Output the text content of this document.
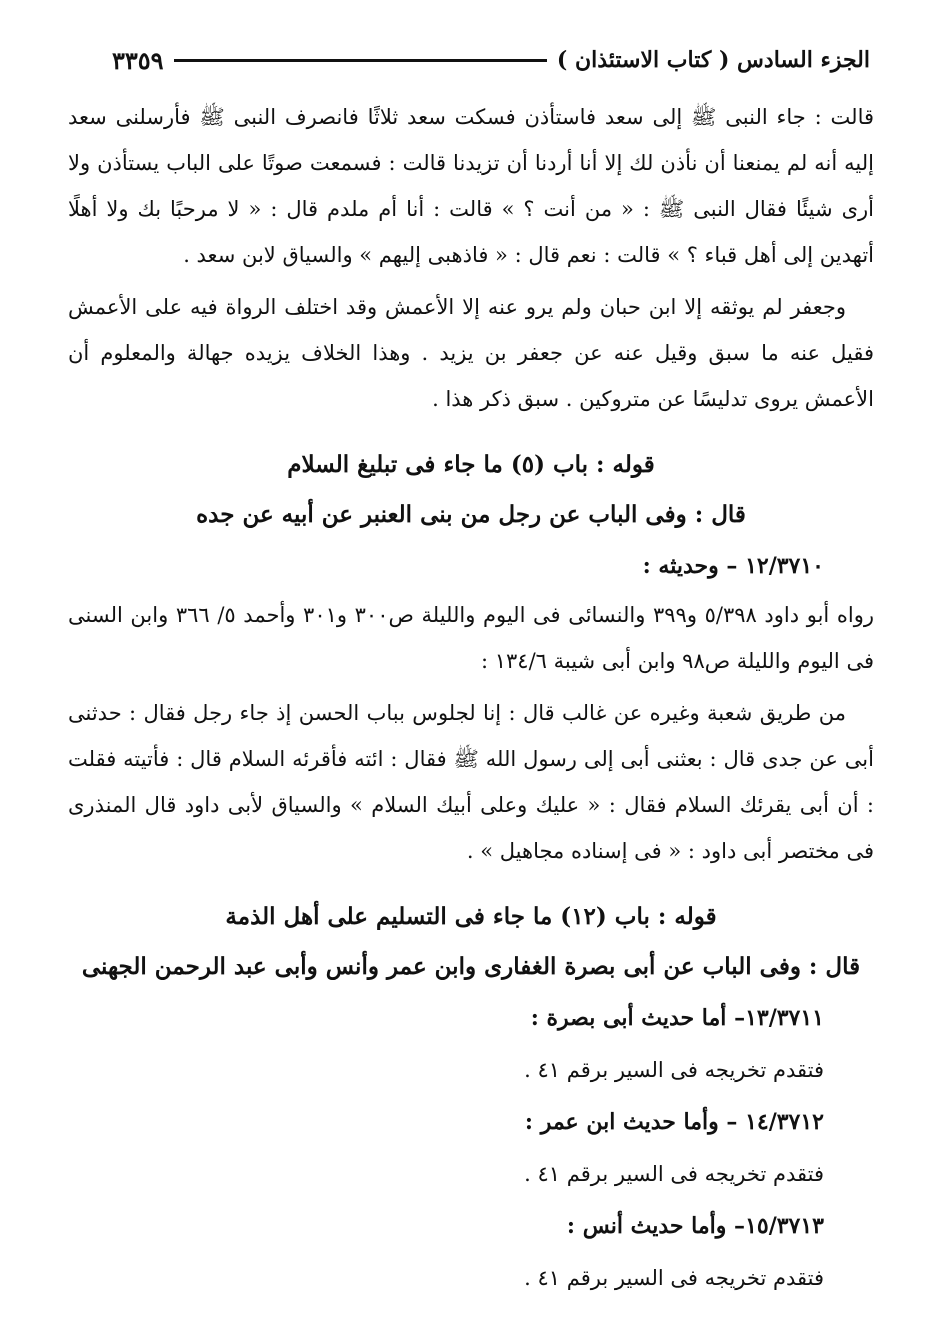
الجزء السادس ( كتاب الاستئذان )
٣٣٥٩

قالت : جاء النبى ﷺ إلى سعد فاستأذن فسكت سعد ثلاثًا فانصرف النبى ﷺ فأرسلنى سعد إليه أنه لم يمنعنا أن نأذن لك إلا أنا أردنا أن تزيدنا قالت : فسمعت صوتًا على الباب يستأذن ولا أرى شيئًا فقال النبى ﷺ : « من أنت ؟ » قالت : أنا أم ملدم قال : « لا مرحبًا بك ولا أهلًا أتهدين إلى أهل قباء ؟ » قالت : نعم قال : « فاذهبى إليهم » والسياق لابن سعد .

وجعفر لم يوثقه إلا ابن حبان ولم يرو عنه إلا الأعمش وقد اختلف الرواة فيه على الأعمش فقيل عنه ما سبق وقيل عنه عن جعفر بن يزيد . وهذا الخلاف يزيده جهالة والمعلوم أن الأعمش يروى تدليسًا عن متروكين . سبق ذكر هذا .

قوله : باب (٥) ما جاء فى تبليغ السلام
قال : وفى الباب عن رجل من بنى العنبر عن أبيه عن جده
١٢/٣٧١٠ – وحديثه :

رواه أبو داود ٥/٣٩٨ و٣٩٩ والنسائى فى اليوم والليلة ص٣٠٠ و٣٠١ وأحمد ٥/ ٣٦٦ وابن السنى فى اليوم والليلة ص٩٨ وابن أبى شيبة ١٣٤/٦ :

من طريق شعبة وغيره عن غالب قال : إنا لجلوس بباب الحسن إذ جاء رجل فقال : حدثنى أبى عن جدى قال : بعثنى أبى إلى رسول الله ﷺ فقال : ائته فأقرئه السلام قال : فأتيته فقلت : أن أبى يقرئك السلام فقال : « عليك وعلى أبيك السلام » والسياق لأبى داود قال المنذرى فى مختصر أبى داود : « فى إسناده مجاهيل » .

قوله : باب (١٢) ما جاء فى التسليم على أهل الذمة
قال : وفى الباب عن أبى بصرة الغفارى وابن عمر وأنس وأبى عبد الرحمن الجهنى
١٣/٣٧١١– أما حديث أبى بصرة :
فتقدم تخريجه فى السير برقم ٤١ .
١٤/٣٧١٢ – وأما حديث ابن عمر :
فتقدم تخريجه فى السير برقم ٤١ .
١٥/٣٧١٣– وأما حديث أنس :
فتقدم تخريجه فى السير برقم ٤١ .
